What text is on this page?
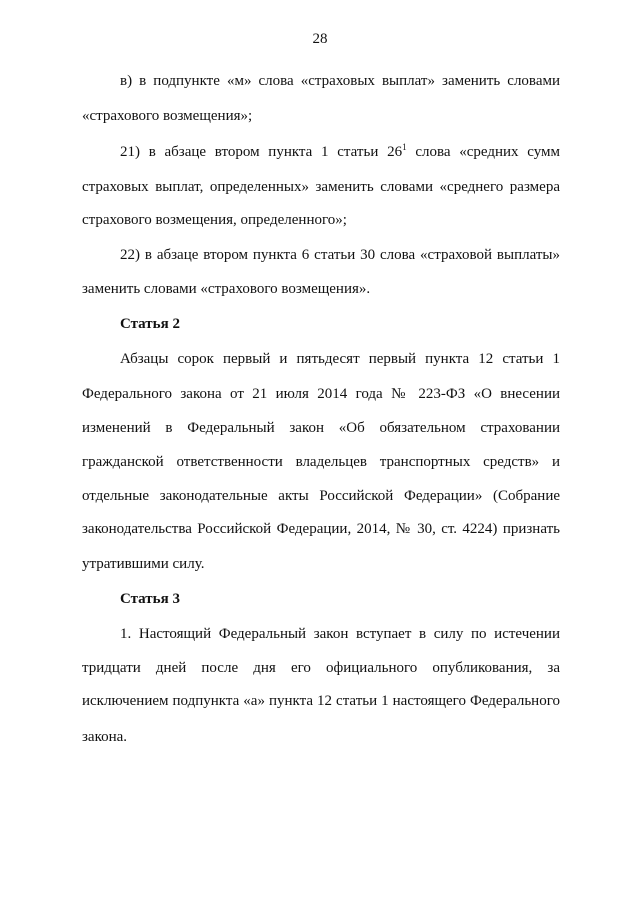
28
в) в подпункте «м» слова «страховых выплат» заменить словами
«страхового возмещения»;
21) в абзаце втором пункта 1 статьи $26^1$ слова «средних сумм
страховых выплат, определенных» заменить словами «среднего размера
страхового возмещения, определенного»;
22) в абзаце втором пункта 6 статьи 30 слова «страховой выплаты»
заменить словами «страхового возмещения».
Статья 2
Абзацы сорок первый и пятьдесят первый пункта 12 статьи 1
Федерального закона от 21 июля 2014 года № 223-ФЗ «О внесении
изменений в Федеральный закон «Об обязательном страховании
гражданской ответственности владельцев транспортных средств» и
отдельные законодательные акты Российской Федерации» (Собрание
законодательства Российской Федерации, 2014, № 30, ст. 4224) признать
утратившими силу.
Статья 3
1. Настоящий Федеральный закон вступает в силу по истечении
тридцати дней после дня его официального опубликования, за
исключением подпункта «а» пункта 12 статьи 1 настоящего Федерального
закона.
